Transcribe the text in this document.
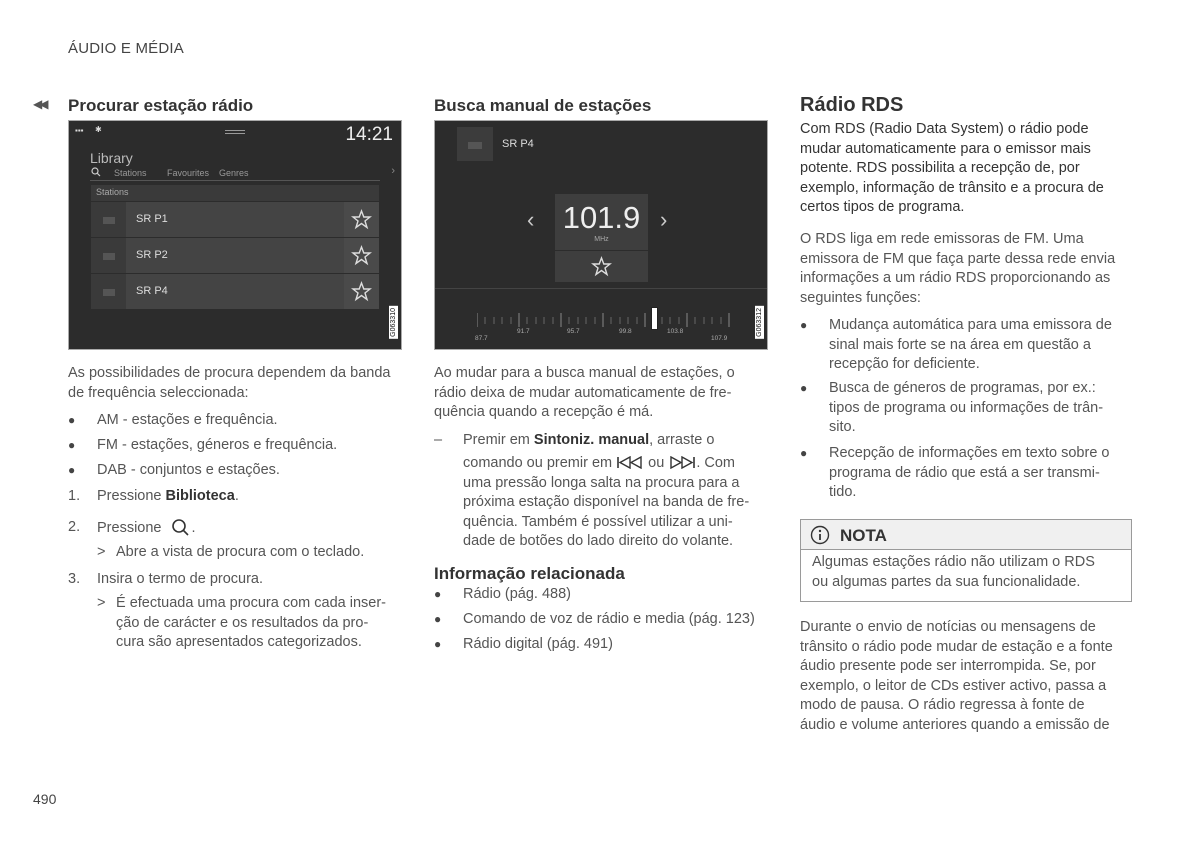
ÁUDIO E MÉDIA
◀◀ Procurar estação rádio
▪▪▪ ✱	14:21
Library
Stations Favourites Genres	›
Stations
SR P1
SR P2
SR P4
G063310
As possibilidades de procura dependem da banda de frequência seleccionada:
● AM - estações e frequência.
● FM - estações, géneros e frequência.
● DAB - conjuntos e estações.
1. Pressione Biblioteca.
2. Pressione .
> Abre a vista de procura com o teclado.
3. Insira o termo de procura.
> É efectuada uma procura com cada inser-
ção de carácter e os resultados da pro-
cura são apresentados categorizados.
Busca manual de estações
SR P4
‹ 101.9
MHz
›
87.7
91.7	95.7	99.8	103.8
107.9
G063312
Ao mudar para a busca manual de estações, o
rádio deixa de mudar automaticamente de fre-
quência quando a recepção é má.
– Premir em Sintoniz. manual, arraste o
comando ou premir em ou . Com
uma pressão longa salta na procura para a
próxima estação disponível na banda de fre-
quência. Também é possível utilizar a uni-
dade de botões do lado direito do volante.
Informação relacionada
● Rádio (pág. 488)
● Comando de voz de rádio e media (pág. 123)
● Rádio digital (pág. 491)
Rádio RDS
Com RDS (Radio Data System) o rádio pode
mudar automaticamente para o emissor mais
potente. RDS possibilita a recepção de, por
exemplo, informação de trânsito e a procura de
certos tipos de programa.
O RDS liga em rede emissoras de FM. Uma
emissora de FM que faça parte dessa rede envia
informações a um rádio RDS proporcionando as
seguintes funções:
● Mudança automática para uma emissora de
sinal mais forte se na área em questão a
recepção for deficiente.
● Busca de géneros de programas, por ex.:
tipos de programa ou informações de trân-
sito.
● Recepção de informações em texto sobre o
programa de rádio que está a ser transmi-
tido.
NOTA
Algumas estações rádio não utilizam o RDS
ou algumas partes da sua funcionalidade.
Durante o envio de notícias ou mensagens de
trânsito o rádio pode mudar de estação e a fonte
áudio presente pode ser interrompida. Se, por
exemplo, o leitor de CDs estiver activo, passa a
modo de pausa. O rádio regressa à fonte de
áudio e volume anteriores quando a emissão de
490
